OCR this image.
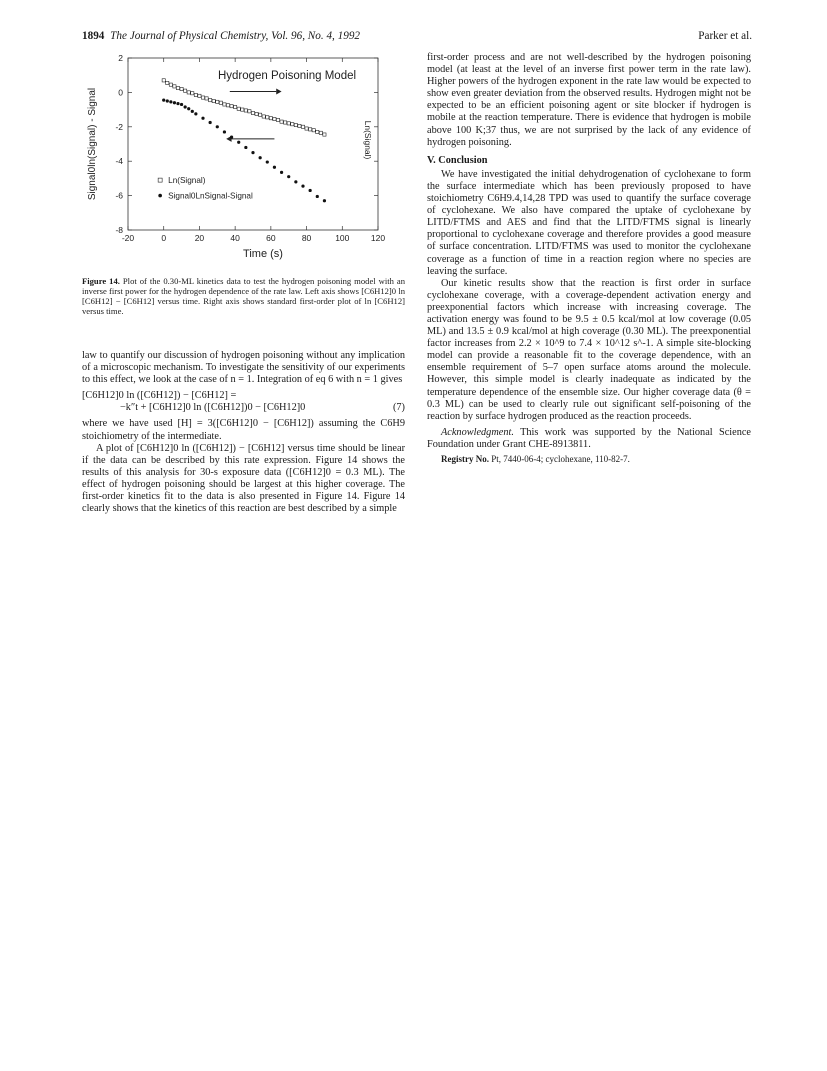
1894 The Journal of Physical Chemistry, Vol. 96, No. 4, 1992	Parker et al.
-20	0	20	40	60	80	100	120
-8
-6
-4
-2
0
2
Hydrogen Poisoning Model
Time (s)
Signal0ln(Signal) - Signal	Ln(Signal)
Ln(Signal)
Signal0LnSignal-Signal
Figure 14. Plot of the 0.30-ML kinetics data to test the hydrogen poisoning model with an inverse first power for the hydrogen dependence of the rate law. Left axis shows [C6H12]0 ln [C6H12] − [C6H12] versus time. Right axis shows standard first-order plot of ln [C6H12] versus time.

law to quantify our discussion of hydrogen poisoning without any implication of a microscopic mechanism. To investigate the sensitivity of our experiments to this effect, we look at the case of n = 1. Integration of eq 6 with n = 1 gives

[C6H12]0 ln ([C6H12]) − [C6H12] =
−k″t + [C6H12]0 ln ([C6H12])0 − [C6H12]0	(7)

where we have used [H] = 3([C6H12]0 − [C6H12]) assuming the C6H9 stoichiometry of the intermediate.

A plot of [C6H12]0 ln ([C6H12]) − [C6H12] versus time should be linear if the data can be described by this rate expression. Figure 14 shows the results of this analysis for 30-s exposure data ([C6H12]0 = 0.3 ML). The effect of hydrogen poisoning should be largest at this higher coverage. The first-order kinetics fit to the data is also presented in Figure 14. Figure 14 clearly shows that the kinetics of this reaction are best described by a simple

first-order process and are not well-described by the hydrogen poisoning model (at least at the level of an inverse first power term in the rate law). Higher powers of the hydrogen exponent in the rate law would be expected to show even greater deviation from the observed results. Hydrogen might not be expected to be an efficient poisoning agent or site blocker if hydrogen is mobile at the reaction temperature. There is evidence that hydrogen is mobile above 100 K;37 thus, we are not surprised by the lack of any evidence of hydrogen poisoning.

V. Conclusion

We have investigated the initial dehydrogenation of cyclohexane to form the surface intermediate which has been previously proposed to have stoichiometry C6H9.4,14,28 TPD was used to quantify the surface coverage of cyclohexane. We also have compared the uptake of cyclohexane by LITD/FTMS and AES and find that the LITD/FTMS signal is linearly proportional to cyclohexane coverage and therefore provides a good measure of surface concentration. LITD/FTMS was used to monitor the cyclohexane coverage as a function of time in a reaction region where no species are leaving the surface.

Our kinetic results show that the reaction is first order in surface cyclohexane coverage, with a coverage-dependent activation energy and preexponential factors which increase with increasing coverage. The activation energy was found to be 9.5 ± 0.5 kcal/mol at low coverage (0.05 ML) and 13.5 ± 0.9 kcal/mol at high coverage (0.30 ML). The preexponential factor increases from 2.2 × 10^9 to 7.4 × 10^12 s^-1. A simple site-blocking model can provide a reasonable fit to the coverage dependence, with an ensemble requirement of 5–7 open surface atoms around the molecule. However, this simple model is clearly inadequate as indicated by the temperature dependence of the ensemble size. Our higher coverage data (θ = 0.3 ML) can be used to clearly rule out significant self-poisoning of the reaction by surface hydrogen produced as the reaction proceeds.

Acknowledgment. This work was supported by the National Science Foundation under Grant CHE-8913811.

Registry No. Pt, 7440-06-4; cyclohexane, 110-82-7.
